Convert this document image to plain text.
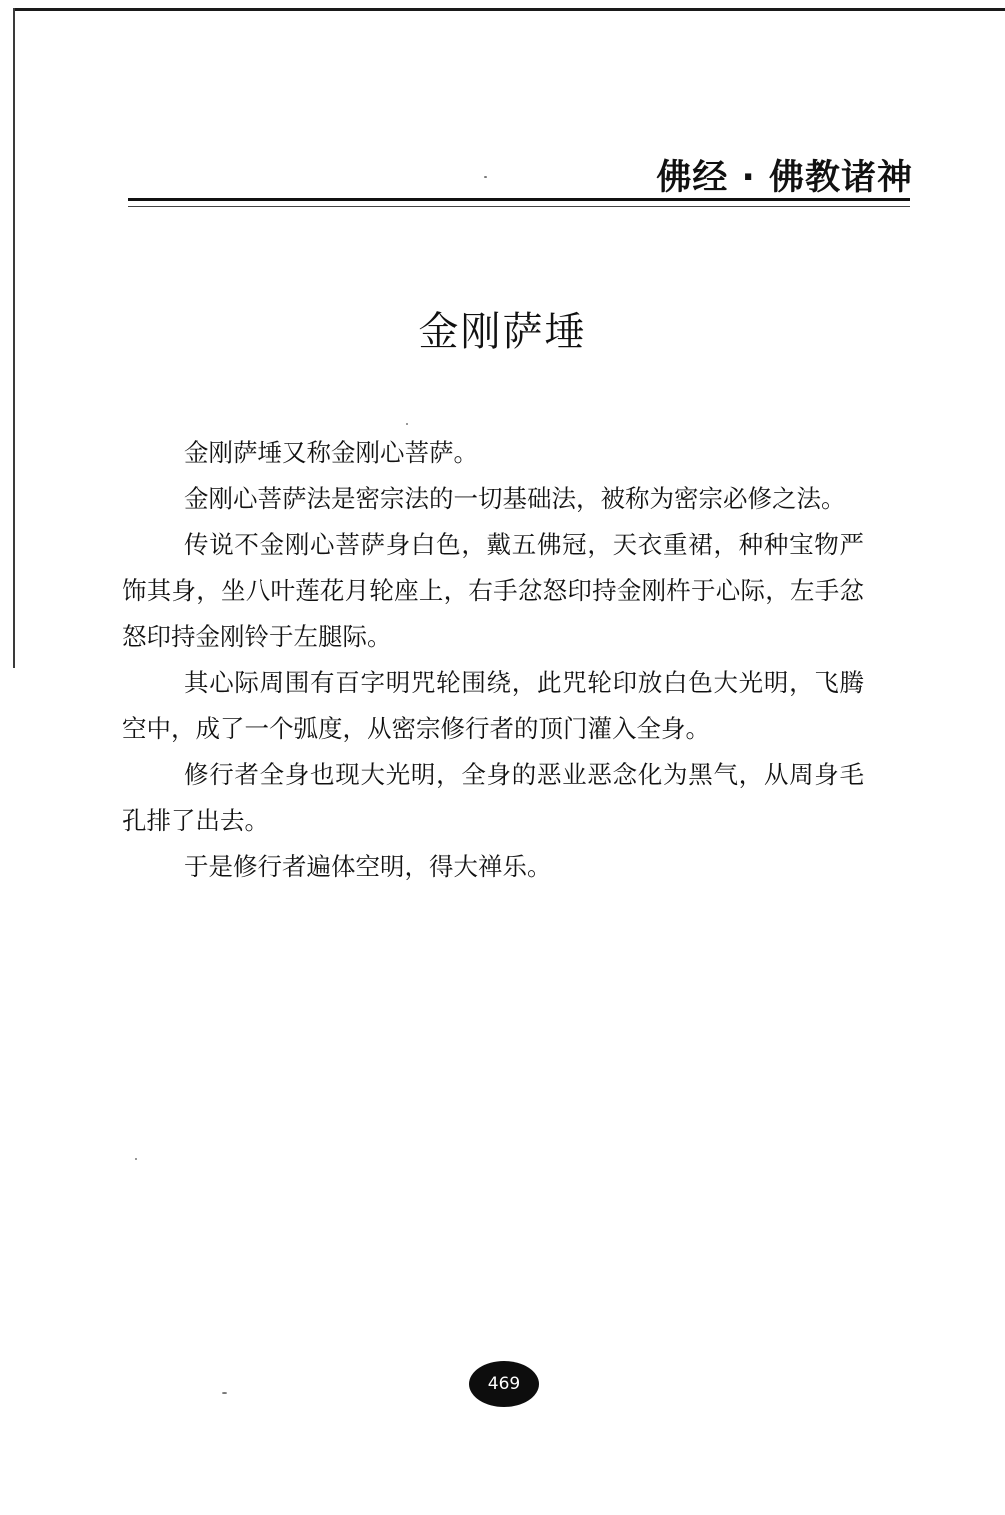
佛经 · 佛教诸神
金刚萨埵

金刚萨埵又称金刚心菩萨。

金刚心菩萨法是密宗法的一切基础法，被称为密宗必修之法。

传说不金刚心菩萨身白色，戴五佛冠，天衣重裙，种种宝物严饰其身，坐八叶莲花月轮座上，右手忿怒印持金刚杵于心际，左手忿怒印持金刚铃于左腿际。

其心际周围有百字明咒轮围绕，此咒轮印放白色大光明，飞腾空中，成了一个弧度，从密宗修行者的顶门灌入全身。

修行者全身也现大光明，全身的恶业恶念化为黑气，从周身毛孔排了出去。

于是修行者遍体空明，得大禅乐。

469
